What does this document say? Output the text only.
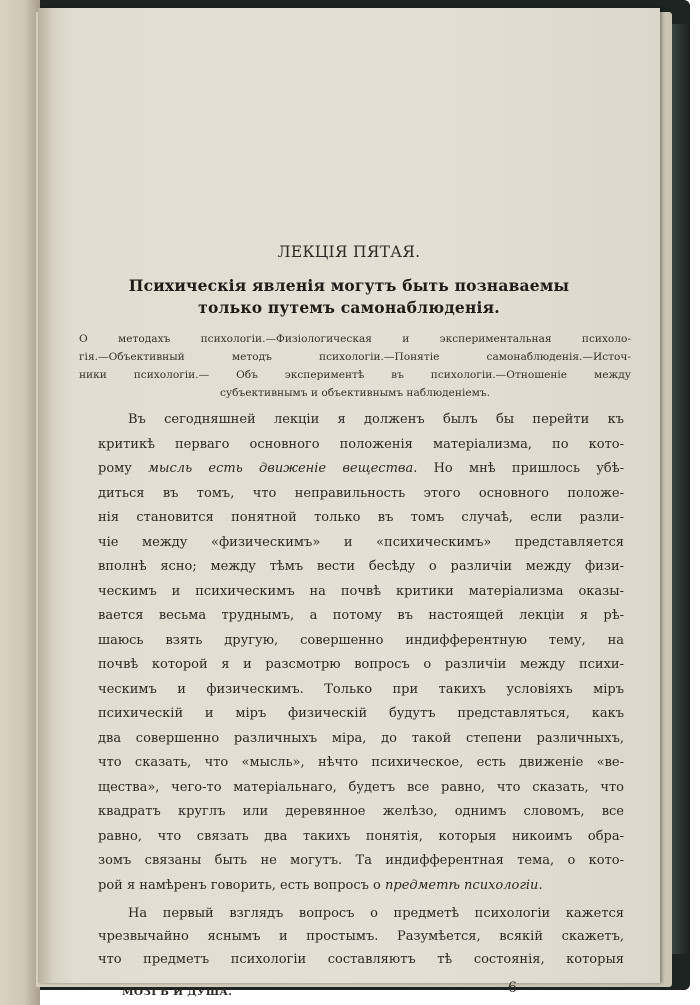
ЛЕКЦIЯ ПЯТАЯ.

Психическiя явленiя могутъ быть познаваемы

только путемъ самонаблюденiя.

О методахъ психологiи.—Физiологическая и экспериментальная психоло-

гiя.—Объективный методъ психологiи.—Понятiе самонаблюденiя.—Источ-

ники психологiи.— Объ экспериментѣ въ психологiи.—Отношенiе между

субъективнымъ и объективнымъ наблюденiемъ.

Въ сегодняшней лекцiи я долженъ былъ бы перейти къ

критикѣ перваго основного положенiя матерiализма, по кото-

рому мысль есть движенiе вещества. Но мнѣ пришлось убѣ-

диться въ томъ, что неправильность этого основного положе-

нiя становится понятной только въ томъ случаѣ, если разли-

чiе между «физическимъ» и «психическимъ» представляется

вполнѣ ясно; между тѣмъ вести бесѣду о различiи между физи-

ческимъ и психическимъ на почвѣ критики матерiализма оказы-

вается весьма труднымъ, а потому въ настоящей лекцiи я рѣ-

шаюсь взять другую, совершенно индифферентную тему, на

почвѣ которой я и разсмотрю вопросъ о различiи между психи-

ческимъ и физическимъ. Только при такихъ условiяхъ мiръ

психическiй и мiръ физическiй будутъ представляться, какъ

два совершенно различныхъ мiра, до такой степени различныхъ,

что сказать, что «мысль», нѣчто психическое, есть движенiе «ве-

щества», чего-то матерiальнаго, будетъ все равно, что сказать, что

квадратъ круглъ или деревянное желѣзо, однимъ словомъ, все

равно, что связать два такихъ понятiя, которыя никоимъ обра-

зомъ связаны быть не могутъ. Та индифферентная тема, о кото-

рой я намѣренъ говорить, есть вопросъ о предметѣ психологiи.

На первый взглядъ вопросъ о предметѣ психологiи кажется

чрезвычайно яснымъ и простымъ. Разумѣется, всякiй скажетъ,

что предметъ психологiи составляютъ тѣ состоянiя, которыя

МОЗГЪ И ДУША.	6
